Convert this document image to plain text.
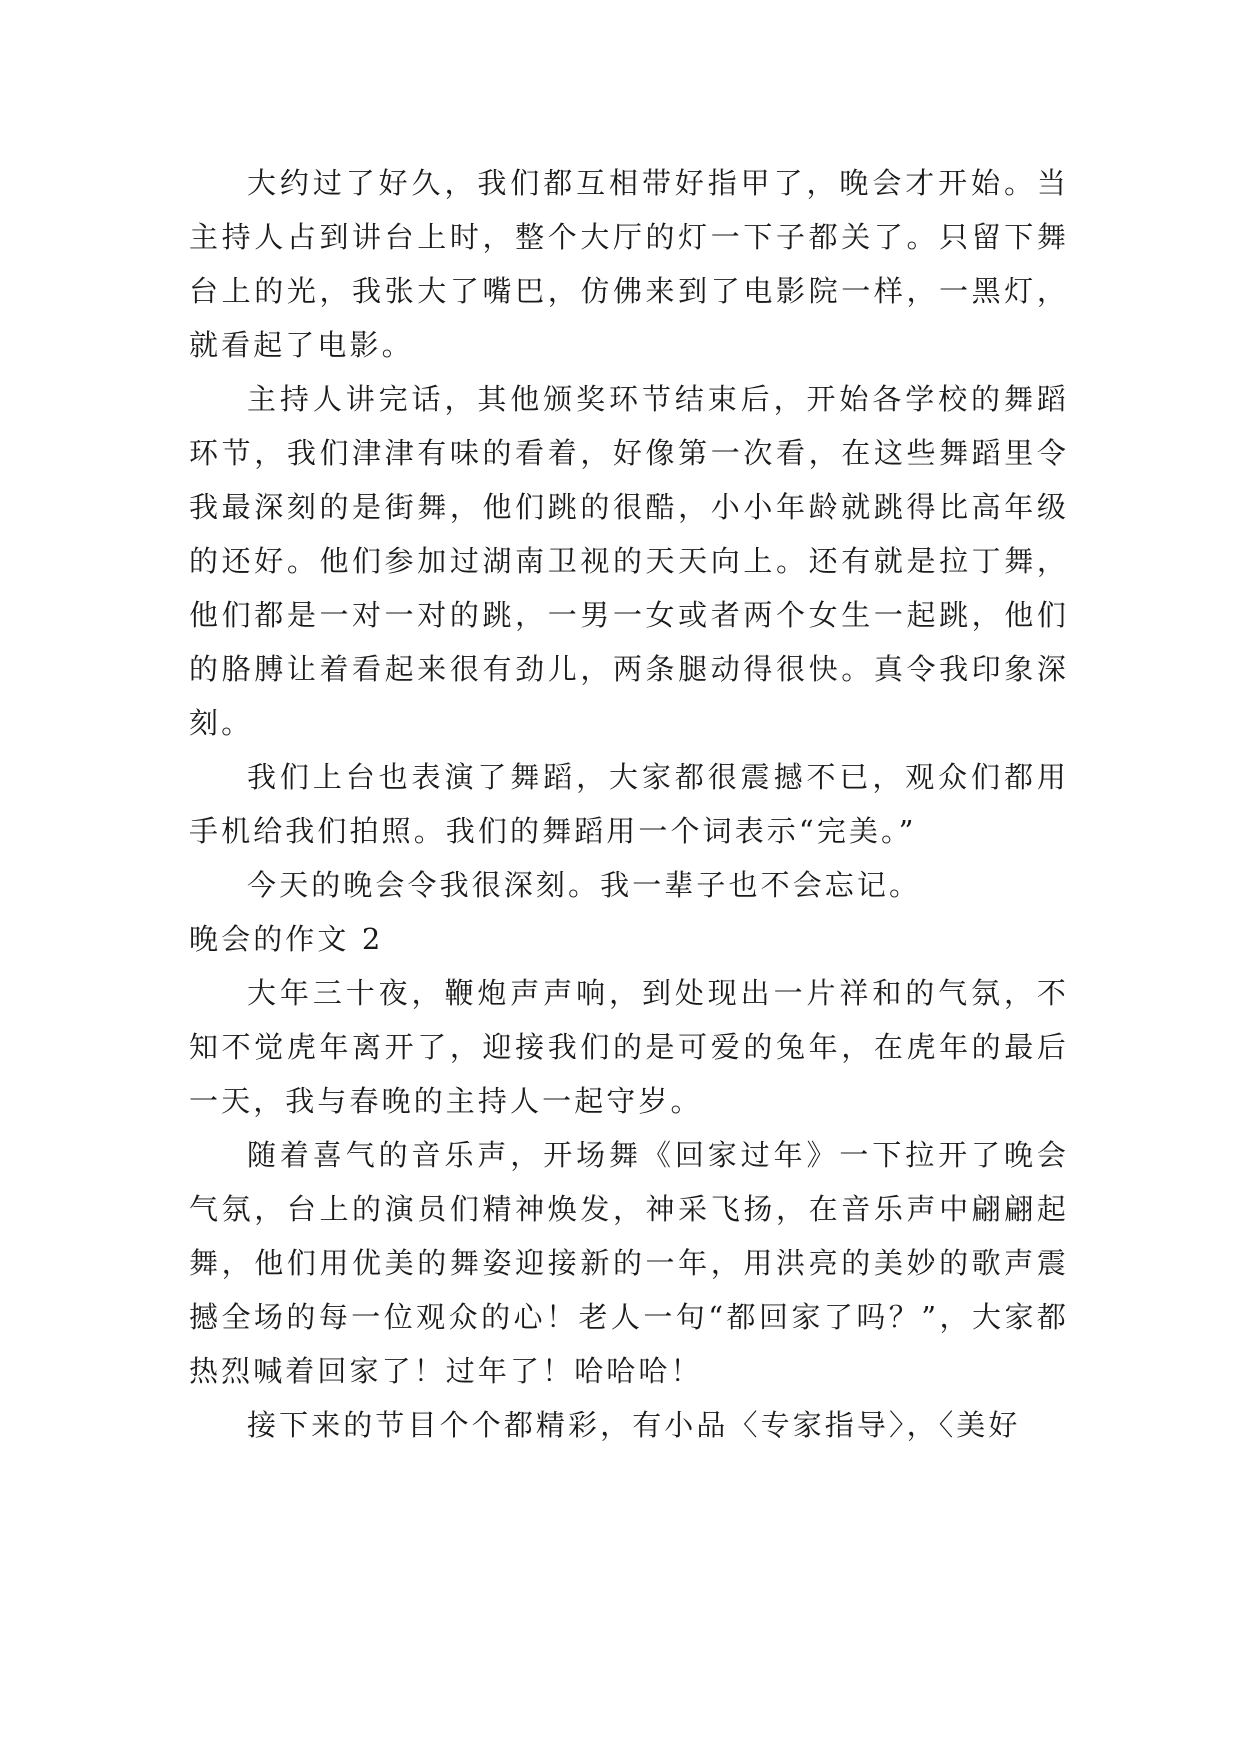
大约过了好久，我们都互相带好指甲了，晚会才开始。当主持人占到讲台上时，整个大厅的灯一下子都关了。只留下舞台上的光，我张大了嘴巴，仿佛来到了电影院一样，一黑灯，就看起了电影。

主持人讲完话，其他颁奖环节结束后，开始各学校的舞蹈环节，我们津津有味的看着，好像第一次看，在这些舞蹈里令我最深刻的是街舞，他们跳的很酷，小小年龄就跳得比高年级的还好。他们参加过湖南卫视的天天向上。还有就是拉丁舞，他们都是一对一对的跳，一男一女或者两个女生一起跳，他们的胳膊让着看起来很有劲儿，两条腿动得很快。真令我印象深刻。

我们上台也表演了舞蹈，大家都很震撼不已，观众们都用手机给我们拍照。我们的舞蹈用一个词表示“完美。”

今天的晚会令我很深刻。我一辈子也不会忘记。

晚会的作文 2

大年三十夜，鞭炮声声响，到处现出一片祥和的气氛，不知不觉虎年离开了，迎接我们的是可爱的兔年，在虎年的最后一天，我与春晚的主持人一起守岁。

随着喜气的音乐声，开场舞《回家过年》一下拉开了晚会气氛，台上的演员们精神焕发，神采飞扬，在音乐声中翩翩起舞，他们用优美的舞姿迎接新的一年，用洪亮的美妙的歌声震撼全场的每一位观众的心！老人一句“都回家了吗？”，大家都热烈喊着回家了！过年了！哈哈哈！

接下来的节目个个都精彩，有小品〈专家指导〉，〈美好
